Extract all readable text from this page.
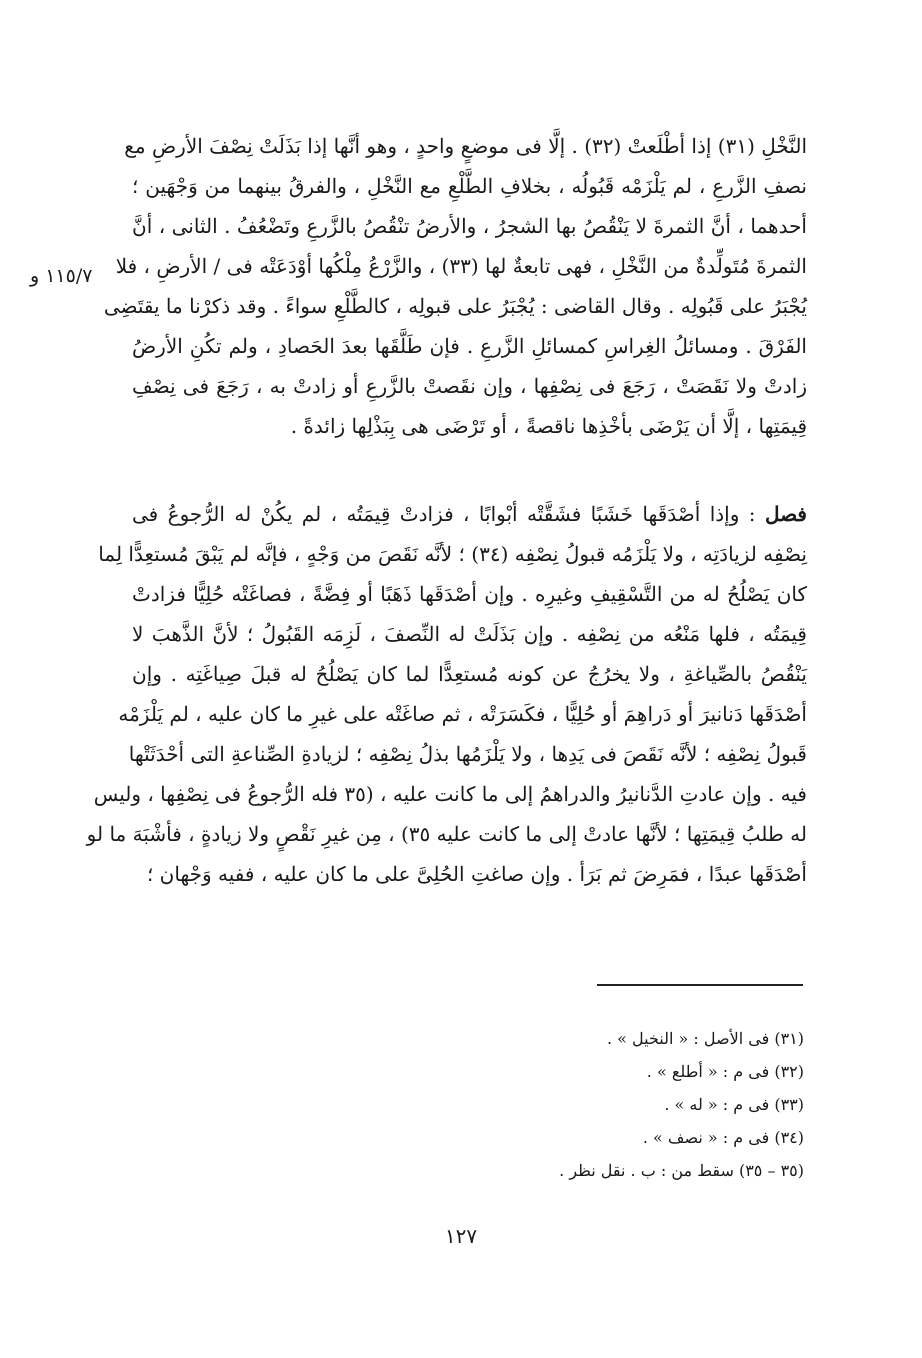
١١٥/٧ و
النَّخْلِ (٣١) إذا أطْلَعتْ (٣٢) . إلَّا فى موضعٍ واحدٍ ، وهو أنَّها إذا بَذَلَتْ نِصْفَ الأرضِ مع
نصفِ الزَّرعِ ، لم يَلْزَمْه قَبُولُه ، بخلافِ الطَّلْعِ مع النَّخْلِ ، والفرقُ بينهما من وَجْهَين ؛
أحدهما ، أنَّ الثمرةَ لا يَنْقُصُ بها الشجرُ ، والأرضُ تنْقُصُ بالزَّرعِ وتَضْعُفُ . الثانى ، أنَّ
الثمرةَ مُتَولِّدةٌ من النَّخْلِ ، فهى تابعةٌ لها (٣٣) ، والزَّرْعُ مِلْكُها أوْدَعَتْه فى / الأرضِ ، فلا
يُجْبَرُ على قَبُولِه . وقال القاضى : يُجْبَرُ على قبولِه ، كالطَّلْعِ سواءً . وقد ذكرْنا ما يقتَضِى
الفَرْقَ . ومسائلُ الغِراسِ كمسائلِ الزَّرعِ . فإن طَلَّقَها بعدَ الحَصادِ ، ولم تكُنِ الأرضُ
زادتْ ولا نَقَصَتْ ، رَجَعَ فى نِصْفِها ، وإن نقَصتْ بالزَّرعِ أو زادتْ به ، رَجَعَ فى نِصْفِ
قِيمَتِها ، إلَّا أن يَرْضَى بأخْذِها ناقصةً ، أو تَرْضَى هى بِبَذْلِها زائدةً .
فصل : وإذا أصْدَقَها خَشَبًا فشَقَّتْه أبْوابًا ، فزادتْ قِيمَتُه ، لم يكُنْ له الرُّجوعُ فى
نِصْفِه لزيادَتِه ، ولا يَلْزَمُه قبولُ نِصْفِه (٣٤) ؛ لأنَّه نَقَصَ من وَجْهٍ ، فإنَّه لم يَبْقَ مُستعِدًّا لِما
كان يَصْلُحُ له من التَّسْقِيفِ وغيرِه . وإن أصْدَقَها ذَهَبًا أو فِضَّةً ، فصاغَتْه حُلِيًّا فزادتْ
قِيمَتُه ، فلها مَنْعُه من نِصْفِه . وإن بَذَلَتْ له النِّصفَ ، لَزِمَه القَبُولُ ؛ لأنَّ الذَّهبَ لا
يَنْقُصُ بالصِّياغةِ ، ولا يخرُجُ عن كونه مُستعِدًّا لما كان يَصْلُحُ له قبلَ صِياغَتِه . وإن
أصْدَقَها دَنانيرَ أو دَراهِمَ أو حُلِيًّا ، فكَسَرَتْه ، ثم صاغَتْه على غيرِ ما كان عليه ، لم يَلْزَمْه
قَبولُ نِصْفِه ؛ لأنَّه نَقَصَ فى يَدِها ، ولا يَلْزَمُها بذلُ نِصْفِه ؛ لزيادةِ الصِّناعةِ التى أحْدَثَتْها
فيه . وإن عادتِ الدَّنانيرُ والدراهمُ إلى ما كانت عليه ، (٣٥ فله الرُّجوعُ فى نِصْفِها ، وليس
له طلبُ قِيمَتِها ؛ لأنَّها عادتْ إلى ما كانت عليه ٣٥) ، مِن غيرِ نَقْصٍ ولا زيادةٍ ، فأشْبَهَ ما لو
أصْدَقَها عبدًا ، فمَرِضَ ثم بَرَأ . وإن صاغتِ الحُلِىَّ على ما كان عليه ، ففيه وَجْهان ؛
(٣١) فى الأصل : « النخيل » .
(٣٢) فى م : « أطلع » .
(٣٣) فى م : « له » .
(٣٤) فى م : « نصف » .
(٣٥ – ٣٥) سقط من : ب . نقل نظر .
١٢٧
